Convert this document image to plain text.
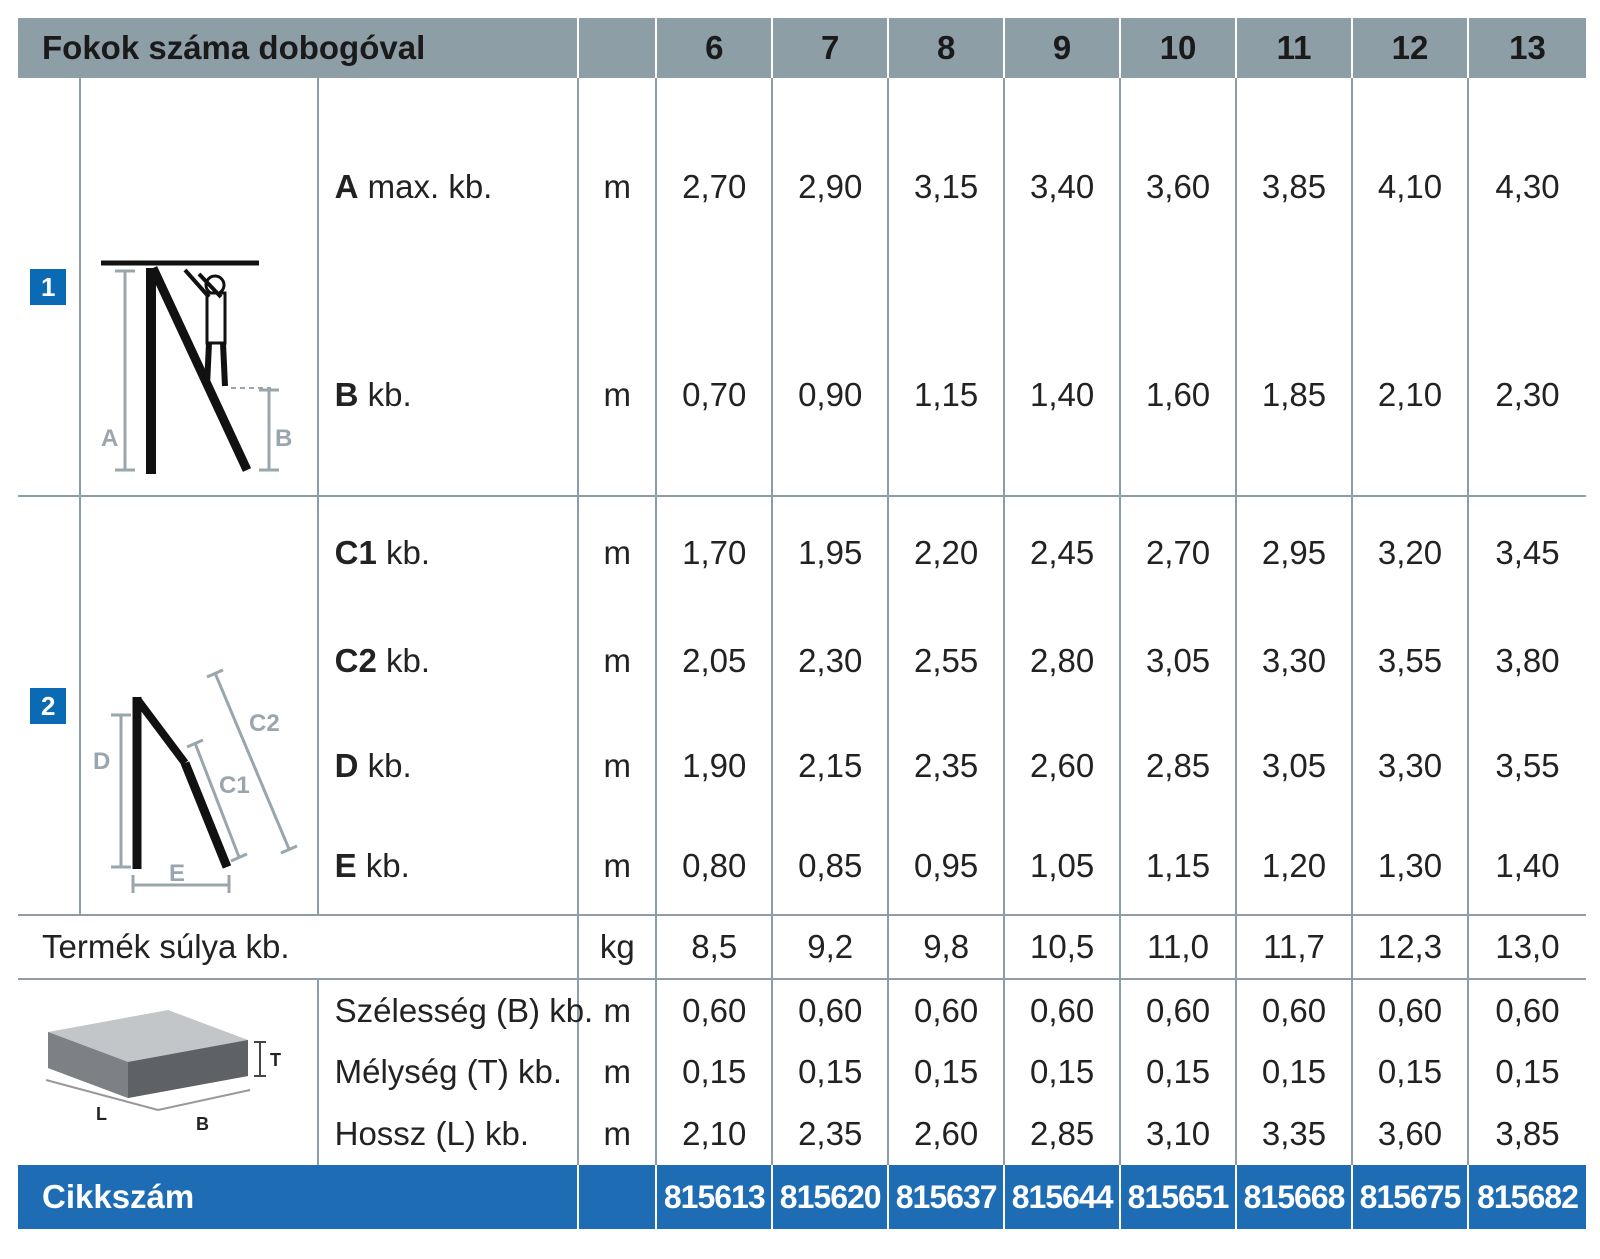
Fokok száma dobogóval				6	7	8	9	10	11	12	13
1	A B	A max. kb.	m	2,70	2,90	3,15	3,40	3,60	3,85	4,10	4,30
		B kb.	m	0,70	0,90	1,15	1,40	1,60	1,85	2,10	2,30
2	D
C1
C2
E	C1 kb.	m	1,70	1,95	2,20	2,45	2,70	2,95	3,20	3,45
		C2 kb.	m	2,05	2,30	2,55	2,80	3,05	3,30	3,55	3,80
		D kb.	m	1,90	2,15	2,35	2,60	2,85	3,05	3,30	3,55
		E kb.	m	0,80	0,85	0,95	1,05	1,15	1,20	1,30	1,40
Termék súlya kb.			kg	8,5	9,2	9,8	10,5	11,0	11,7	12,3	13,0

T
L B		Szélesség (B) kb.	m	0,60	0,60	0,60	0,60	0,60	0,60	0,60	0,60
		Mélység (T) kb.	m	0,15	0,15	0,15	0,15	0,15	0,15	0,15	0,15
		Hossz (L) kb.	m	2,10	2,35	2,60	2,85	3,10	3,35	3,60	3,85
Cikkszám				815613	815620	815637	815644	815651	815668	815675	815682
